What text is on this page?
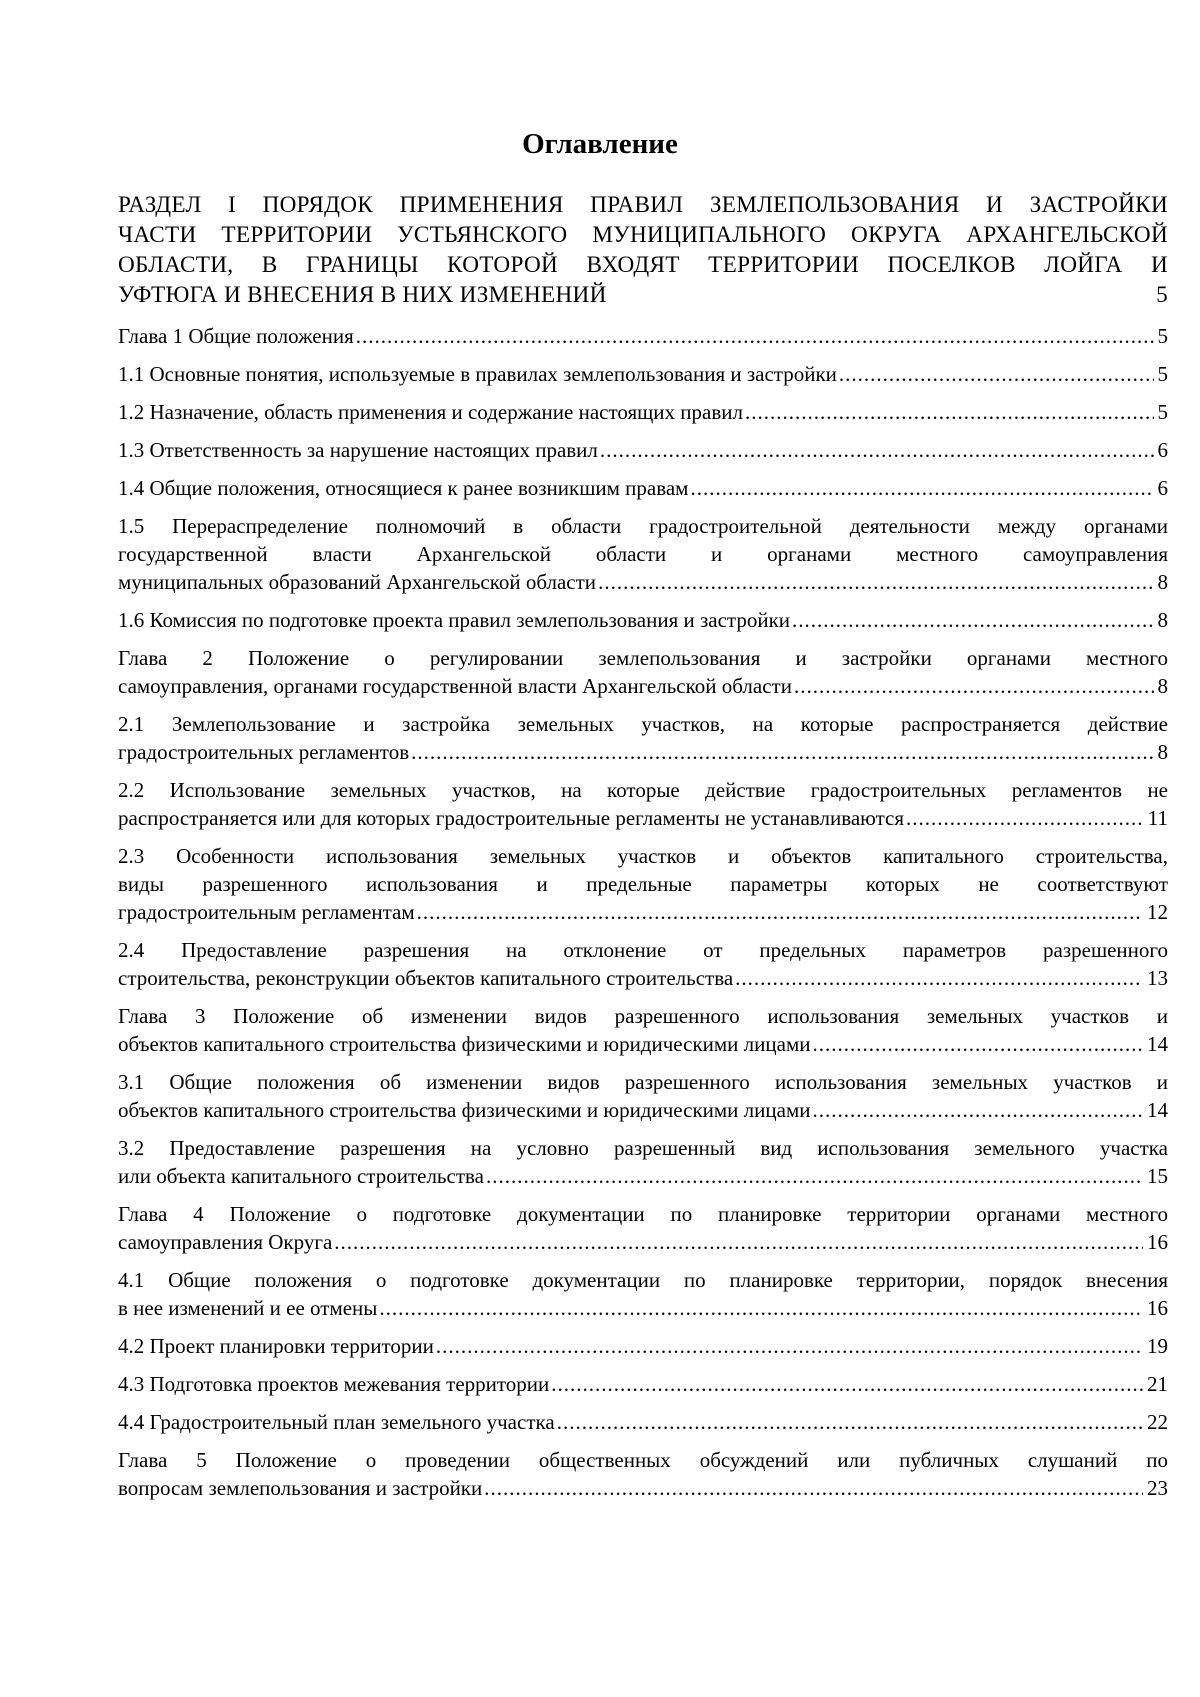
Оглавление
РАЗДЕЛ I ПОРЯДОК ПРИМЕНЕНИЯ ПРАВИЛ ЗЕМЛЕПОЛЬЗОВАНИЯ И ЗАСТРОЙКИ
ЧАСТИ ТЕРРИТОРИИ УСТЬЯНСКОГО МУНИЦИПАЛЬНОГО ОКРУГА АРХАНГЕЛЬСКОЙ
ОБЛАСТИ, В ГРАНИЦЫ КОТОРОЙ ВХОДЯТ ТЕРРИТОРИИ ПОСЕЛКОВ ЛОЙГА И
УФТЮГА И ВНЕСЕНИЯ В НИХ ИЗМЕНЕНИЙ	5
Глава 1 Общие положения .....	5
1.1 Основные понятия, используемые в правилах землепользования и застройки .....	5
1.2 Назначение, область применения и содержание настоящих правил .....	5
1.3 Ответственность за нарушение настоящих правил .....	6
1.4 Общие положения, относящиеся к ранее возникшим правам .....	6
1.5 Перераспределение полномочий в области градостроительной деятельности между органами
государственной власти Архангельской области и органами местного самоуправления
муниципальных образований Архангельской области .....	8
1.6 Комиссия по подготовке проекта правил землепользования и застройки .....	8
Глава 2 Положение о регулировании землепользования и застройки органами местного
самоуправления, органами государственной власти Архангельской области .....	8
2.1 Землепользование и застройка земельных участков, на которые распространяется действие
градостроительных регламентов .....	8
2.2 Использование земельных участков, на которые действие градостроительных регламентов не
распространяется или для которых градостроительные регламенты не устанавливаются .....	11
2.3 Особенности использования земельных участков и объектов капитального строительства,
виды разрешенного использования и предельные параметры которых не соответствуют
градостроительным регламентам .....	12
2.4 Предоставление разрешения на отклонение от предельных параметров разрешенного
строительства, реконструкции объектов капитального строительства .....	13
Глава 3 Положение об изменении видов разрешенного использования земельных участков и
объектов капитального строительства физическими и юридическими лицами .....	14
3.1 Общие положения об изменении видов разрешенного использования земельных участков и
объектов капитального строительства физическими и юридическими лицами .....	14
3.2 Предоставление разрешения на условно разрешенный вид использования земельного участка
или объекта капитального строительства .....	15
Глава 4 Положение о подготовке документации по планировке территории органами местного
самоуправления Округа .....	16
4.1 Общие положения о подготовке документации по планировке территории, порядок внесения
в нее изменений и ее отмены .....	16
4.2 Проект планировки территории .....	19
4.3 Подготовка проектов межевания территории .....	21
4.4 Градостроительный план земельного участка .....	22
Глава 5 Положение о проведении общественных обсуждений или публичных слушаний по
вопросам землепользования и застройки .....	23
